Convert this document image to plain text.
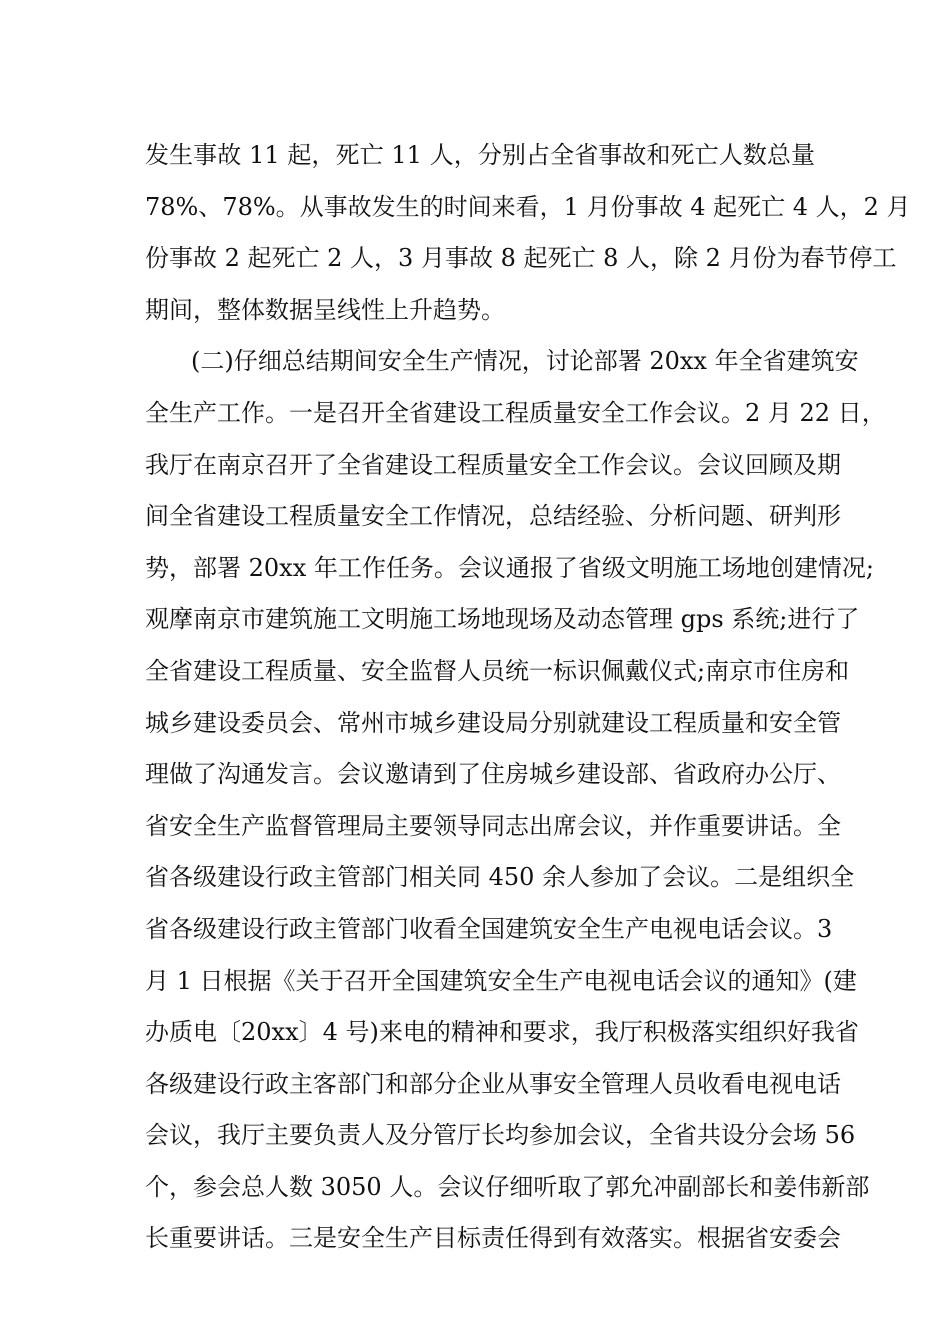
发生事故 11 起，死亡 11 人，分别占全省事故和死亡人数总量
78%、78%。从事故发生的时间来看，1 月份事故 4 起死亡 4 人，2 月
份事故 2 起死亡 2 人，3 月事故 8 起死亡 8 人，除 2 月份为春节停工
期间，整体数据呈线性上升趋势。
(二)仔细总结期间安全生产情况，讨论部署 20xx 年全省建筑安
全生产工作。一是召开全省建设工程质量安全工作会议。2 月 22 日，
我厅在南京召开了全省建设工程质量安全工作会议。会议回顾及期
间全省建设工程质量安全工作情况，总结经验、分析问题、研判形
势，部署 20xx 年工作任务。会议通报了省级文明施工场地创建情况;
观摩南京市建筑施工文明施工场地现场及动态管理 gps 系统;进行了
全省建设工程质量、安全监督人员统一标识佩戴仪式;南京市住房和
城乡建设委员会、常州市城乡建设局分别就建设工程质量和安全管
理做了沟通发言。会议邀请到了住房城乡建设部、省政府办公厅、
省安全生产监督管理局主要领导同志出席会议，并作重要讲话。全
省各级建设行政主管部门相关同 450 余人参加了会议。二是组织全
省各级建设行政主管部门收看全国建筑安全生产电视电话会议。3
月 1 日根据《关于召开全国建筑安全生产电视电话会议的通知》(建
办质电〔20xx〕4 号)来电的精神和要求，我厅积极落实组织好我省
各级建设行政主客部门和部分企业从事安全管理人员收看电视电话
会议，我厅主要负责人及分管厅长均参加会议，全省共设分会场 56
个，参会总人数 3050 人。会议仔细听取了郭允冲副部长和姜伟新部
长重要讲话。三是安全生产目标责任得到有效落实。根据省安委会
